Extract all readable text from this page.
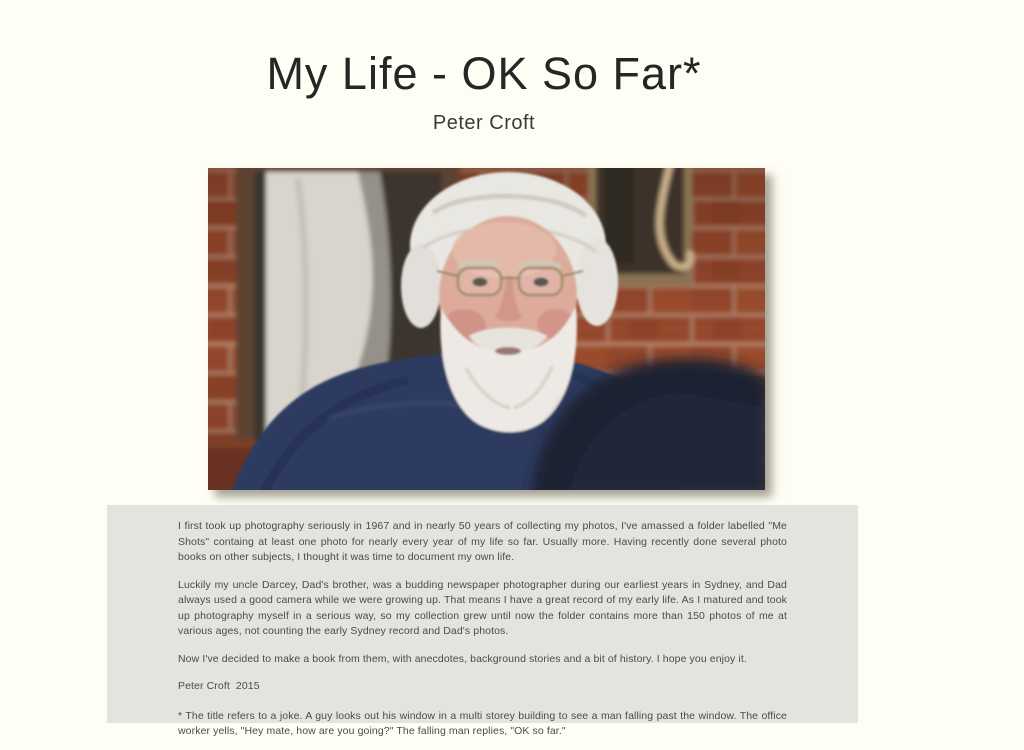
My Life - OK So Far*
Peter Croft

I first took up photography seriously in 1967 and in nearly 50 years of collecting my photos, I've amassed a folder labelled "Me Shots" containg at least one photo for nearly every year of my life so far. Usually more. Having recently done several photo books on other subjects, I thought it was time to document my own life.

Luckily my uncle Darcey, Dad's brother, was a budding newspaper photographer during our earliest years in Sydney, and Dad always used a good camera while we were growing up. That means I have a great record of my early life. As I matured and took up photography myself in a serious way, so my collection grew until now the folder contains more than 150 photos of me at various ages, not counting the early Sydney record and Dad's photos.

Now I've decided to make a book from them, with anecdotes, background stories and a bit of history. I hope you enjoy it.

Peter Croft  2015

* The title refers to a joke. A guy looks out his window in a multi storey building to see a man falling past the window. The office worker yells, "Hey mate, how are you going?" The falling man replies, "OK so far."
